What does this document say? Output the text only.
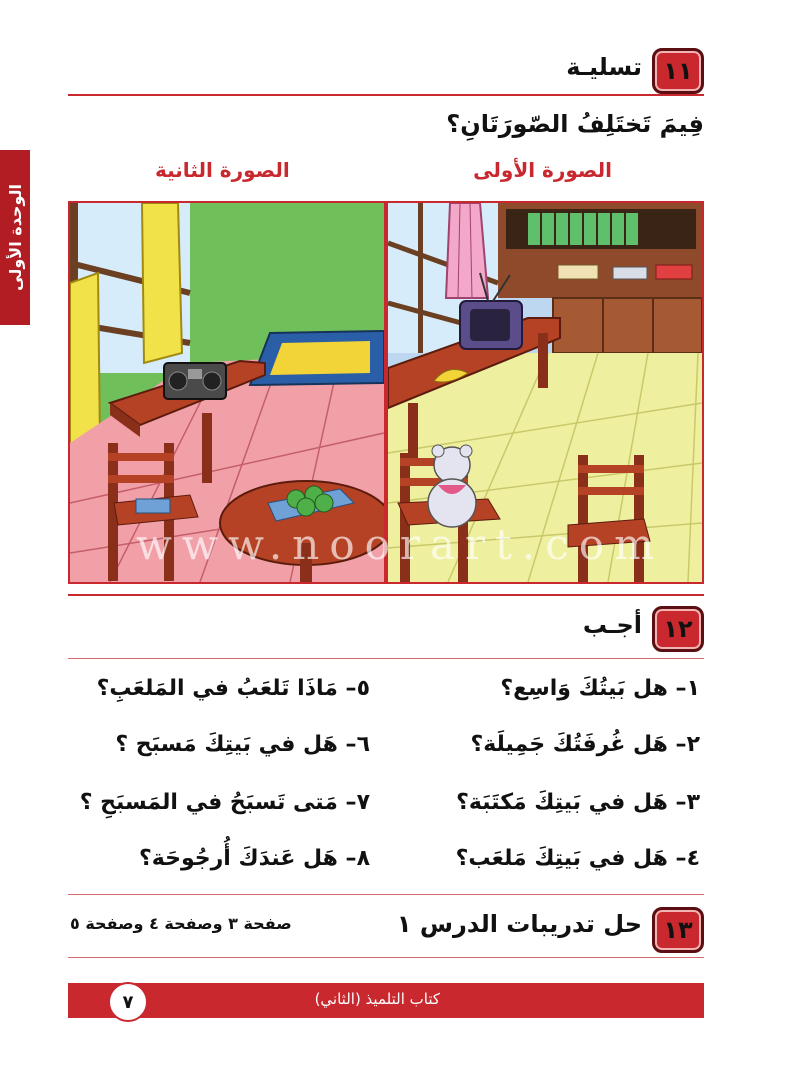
الوحدة الأولى
١١
تسليـة
فِيمَ تَختَلِفُ الصّورَتَانِ؟
الصورة الأولى
الصورة الثانية
www.noorart.com
١٢
أجـب
١– هل بَيتُكَ وَاسِع؟
٢– هَل غُرفَتُكَ جَمِيلَة؟
٣– هَل في بَيتِكَ مَكتَبَة؟
٤– هَل في بَيتِكَ مَلعَب؟
٥– مَاذَا تَلعَبُ في المَلعَبِ؟
٦– هَل في بَيتِكَ مَسبَح ؟
٧– مَتى تَسبَحُ في المَسبَحِ ؟
٨– هَل عَندَكَ أُرجُوحَة؟
١٣
حل تدريبات الدرس ١
صفحة ٣ وصفحة ٤ وصفحة ٥
كتاب التلميذ (الثاني)
٧
